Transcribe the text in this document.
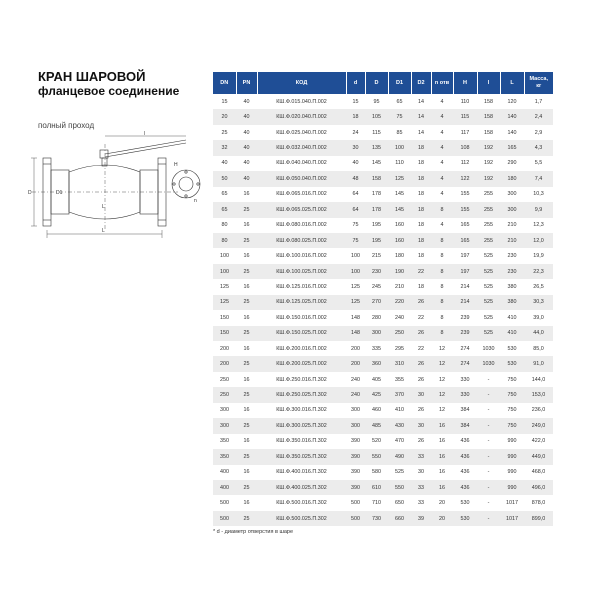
КРАН ШАРОВОЙ
фланцевое соединение
полный проход
l
L
L
D
H
n
D1
DN	PN	КОД	d	D	D1	D2	n отв	H	l	L	Масса,
кг
15	40	КШ.Ф.015.040.П.002	15	95	65	14	4	110	158	120	1,7
20	40	КШ.Ф.020.040.П.002	18	105	75	14	4	115	158	140	2,4
25	40	КШ.Ф.025.040.П.002	24	115	85	14	4	117	158	140	2,9
32	40	КШ.Ф.032.040.П.002	30	135	100	18	4	108	192	165	4,3
40	40	КШ.Ф.040.040.П.002	40	145	110	18	4	112	192	290	5,5
50	40	КШ.Ф.050.040.П.002	48	158	125	18	4	122	192	180	7,4
65	16	КШ.Ф.065.016.П.002	64	178	145	18	4	155	255	300	10,3
65	25	КШ.Ф.065.025.П.002	64	178	145	18	8	155	255	300	9,9
80	16	КШ.Ф.080.016.П.002	75	195	160	18	4	165	255	210	12,3
80	25	КШ.Ф.080.025.П.002	75	195	160	18	8	165	255	210	12,0
100	16	КШ.Ф.100.016.П.002	100	215	180	18	8	197	525	230	19,9
100	25	КШ.Ф.100.025.П.002	100	230	190	22	8	197	525	230	22,3
125	16	КШ.Ф.125.016.П.002	125	245	210	18	8	214	525	380	26,5
125	25	КШ.Ф.125.025.П.002	125	270	220	26	8	214	525	380	30,3
150	16	КШ.Ф.150.016.П.002	148	280	240	22	8	239	525	410	39,0
150	25	КШ.Ф.150.025.П.002	148	300	250	26	8	239	525	410	44,0
200	16	КШ.Ф.200.016.П.002	200	335	295	22	12	274	1030	530	85,0
200	25	КШ.Ф.200.025.П.002	200	360	310	26	12	274	1030	530	91,0
250	16	КШ.Ф.250.016.П.302	240	405	355	26	12	330	-	750	144,0
250	25	КШ.Ф.250.025.П.302	240	425	370	30	12	330	-	750	153,0
300	16	КШ.Ф.300.016.П.302	300	460	410	26	12	384	-	750	236,0
300	25	КШ.Ф.300.025.П.302	300	485	430	30	16	384	-	750	249,0
350	16	КШ.Ф.350.016.П.302	390	520	470	26	16	436	-	990	422,0
350	25	КШ.Ф.350.025.П.302	390	550	490	33	16	436	-	990	449,0
400	16	КШ.Ф.400.016.П.302	390	580	525	30	16	436	-	990	468,0
400	25	КШ.Ф.400.025.П.302	390	610	550	33	16	436	-	990	496,0
500	16	КШ.Ф.500.016.П.302	500	710	650	33	20	530	-	1017	878,0
500	25	КШ.Ф.500.025.П.302	500	730	660	39	20	530	-	1017	899,0
* d - диаметр отверстия в шаре
